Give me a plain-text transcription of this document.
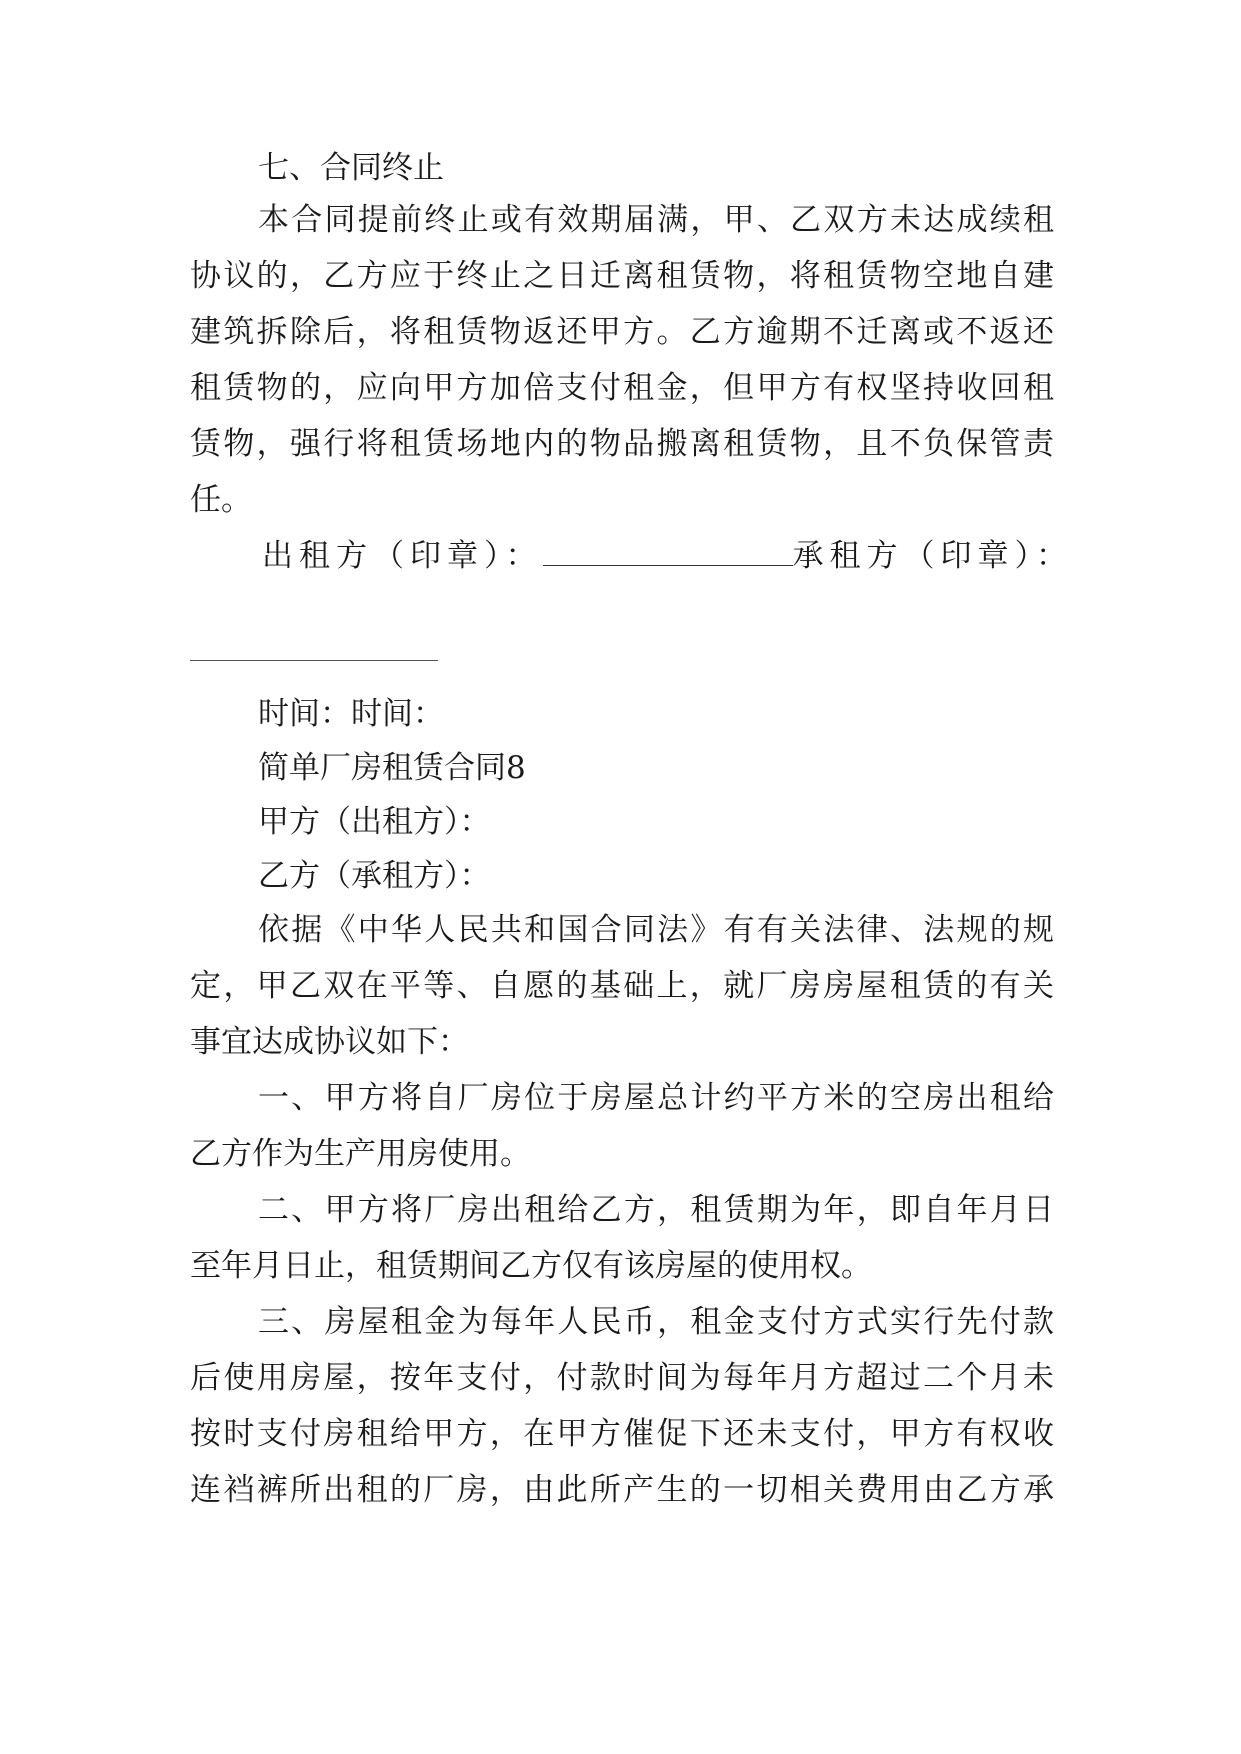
七、合同终止
本合同提前终止或有效期届满，甲、乙双方未达成续租
协议的，乙方应于终止之日迁离租赁物，将租赁物空地自建
建筑拆除后，将租赁物返还甲方。乙方逾期不迁离或不返还
租赁物的，应向甲方加倍支付租金，但甲方有权坚持收回租
赁物，强行将租赁场地内的物品搬离租赁物，且不负保管责
任。
出租方（印章）：	承租方（印章）：
时间：时间：
简单厂房租赁合同8
甲方（出租方）：
乙方（承租方）：
依据《中华人民共和国合同法》有有关法律、法规的规
定，甲乙双在平等、自愿的基础上，就厂房房屋租赁的有关
事宜达成协议如下：
一、甲方将自厂房位于房屋总计约平方米的空房出租给
乙方作为生产用房使用。
二、甲方将厂房出租给乙方，租赁期为年，即自年月日
至年月日止，租赁期间乙方仅有该房屋的使用权。
三、房屋租金为每年人民币，租金支付方式实行先付款
后使用房屋，按年支付，付款时间为每年月方超过二个月未
按时支付房租给甲方，在甲方催促下还未支付，甲方有权收
连裆裤所出租的厂房，由此所产生的一切相关费用由乙方承
